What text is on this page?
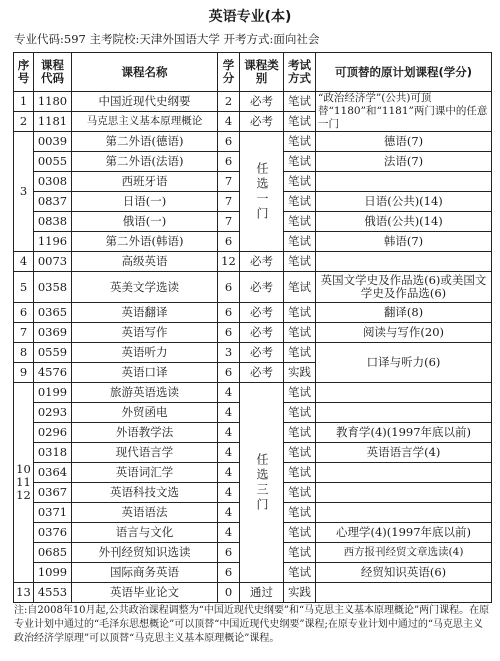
英语专业(本)
专业代码:597 主考院校:天津外国语大学 开考方式:面向社会
序号	课程代码	课程名称	学分	课程类别	考试方式	可顶替的原计划课程(学分)
1	1180	中国近现代史纲要	2	必考	笔试	“政治经济学”(公共)可顶替“1180”和“1181”两门课中的任意一门
2	1181	马克思主义基本原理概论	4	必考	笔试	
3	0039	第二外语(德语)	6	任选一门	笔试	德语(7)
	0055	第二外语(法语)	6		笔试	法语(7)
	0308	西班牙语	7		笔试	
	0837	日语(一)	7		笔试	日语(公共)(14)
	0838	俄语(一)	7		笔试	俄语(公共)(14)
	1196	第二外语(韩语)	6		笔试	韩语(7)
4	0073	高级英语	12	必考	笔试	
5	0358	英美文学选读	6	必考	笔试	英国文学史及作品选(6)或美国文学史及作品选(6)
6	0365	英语翻译	6	必考	笔试	翻译(8)
7	0369	英语写作	6	必考	笔试	阅读与写作(20)
8	0559	英语听力	3	必考	笔试	口译与听力(6)
9	4576	英语口译	6	必考	实践	
10 11 12	0199	旅游英语选读	4	任选三门	笔试	
	0293	外贸函电	4		笔试	
	0296	外语教学法	4		笔试	教育学(4)(1997年底以前)
	0318	现代语言学	4		笔试	英语语言学(4)
	0364	英语词汇学	4		笔试	
	0367	英语科技文选	4		笔试	
	0371	英语语法	4		笔试	
	0376	语言与文化	4		笔试	心理学(4)(1997年底以前)
	0685	外刊经贸知识选读	6		笔试	西方报刊经贸文章选读(4)
	1099	国际商务英语	6		笔试	经贸知识英语(6)
13	4553	英语毕业论文	0	通过	实践	
注:自2008年10月起,公共政治课程调整为“中国近现代史纲要”和“马克思主义基本原理概论”两门课程。在原专业计划中通过的“毛泽东思想概论”可以顶替“中国近现代史纲要”课程;在原专业计划中通过的“马克思主义政治经济学原理”可以顶替“马克思主义基本原理概论”课程。
